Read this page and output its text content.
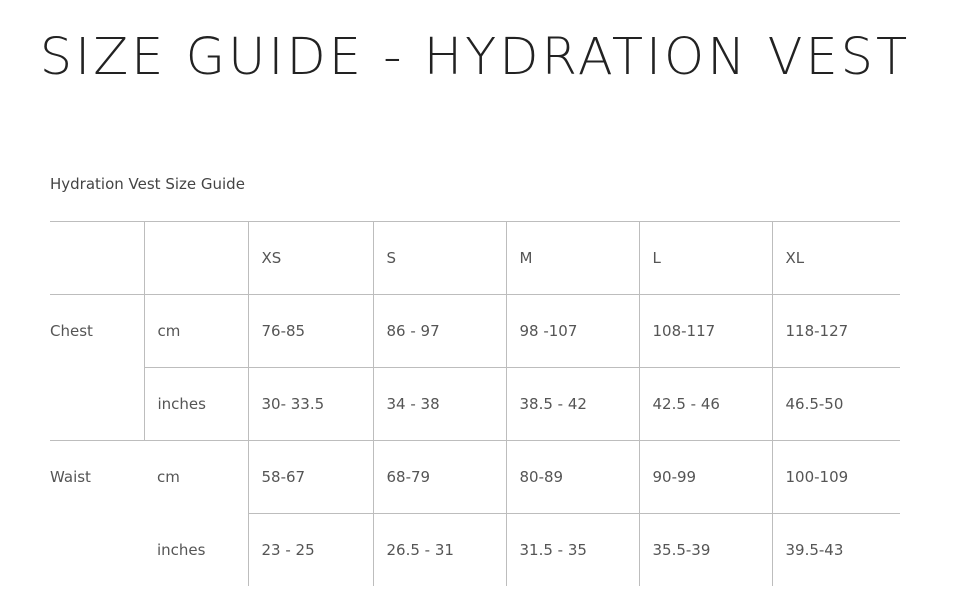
SIZE GUIDE - HYDRATION VEST

Hydration Vest Size Guide

		XS	S	M	L	XL
Chest	cm	76-85	86 - 97	98 -107	108-117	118-127
	inches	30- 33.5	34 - 38	38.5 - 42	42.5 - 46	46.5-50
Waist	cm	58-67	68-79	80-89	90-99	100-109
	inches	23 - 25	26.5 - 31	31.5 - 35	35.5-39	39.5-43
